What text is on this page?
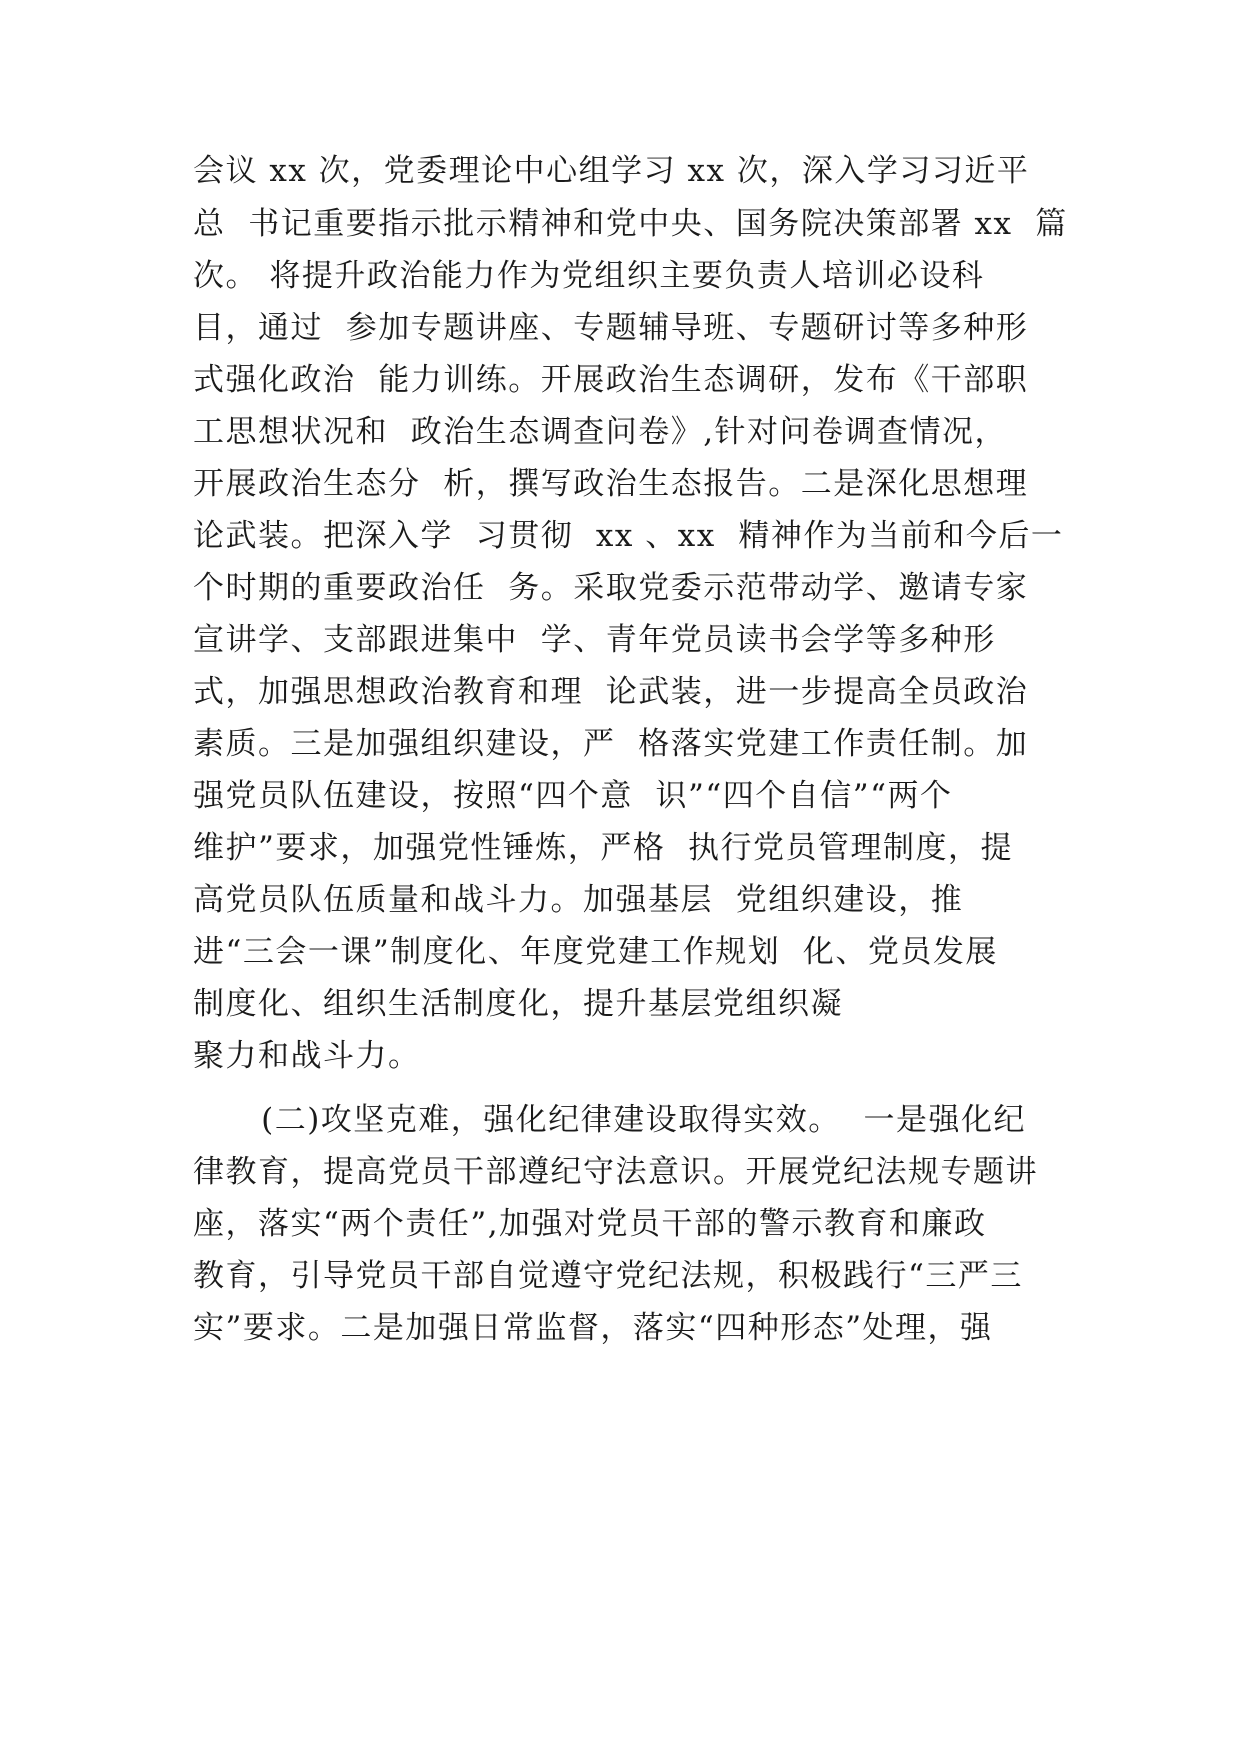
会议 xx 次，党委理论中心组学习 xx 次，深入学习习近平
总  书记重要指示批示精神和党中央、国务院决策部署 xx  篇
次。 将提升政治能力作为党组织主要负责人培训必设科
目，通过  参加专题讲座、专题辅导班、专题研讨等多种形
式强化政治  能力训练。开展政治生态调研，发布《干部职
工思想状况和  政治生态调查问卷》,针对问卷调查情况，
开展政治生态分  析，撰写政治生态报告。二是深化思想理
论武装。把深入学  习贯彻  xx 、xx  精神作为当前和今后一
个时期的重要政治任  务。采取党委示范带动学、邀请专家
宣讲学、支部跟进集中  学、青年党员读书会学等多种形
式，加强思想政治教育和理  论武装，进一步提高全员政治
素质。三是加强组织建设，严  格落实党建工作责任制。加
强党员队伍建设，按照“四个意  识”“四个自信”“两个
维护”要求，加强党性锤炼，严格  执行党员管理制度，提
高党员队伍质量和战斗力。加强基层  党组织建设，推
进“三会一课”制度化、年度党建工作规划  化、党员发展
制度化、组织生活制度化，提升基层党组织凝
聚力和战斗力。
(二)攻坚克难，强化纪律建设取得实效。  一是强化纪
律教育，提高党员干部遵纪守法意识。开展党纪法规专题讲
座，落实“两个责任”,加强对党员干部的警示教育和廉政
教育，引导党员干部自觉遵守党纪法规，积极践行“三严三
实”要求。二是加强日常监督，落实“四种形态”处理，强
